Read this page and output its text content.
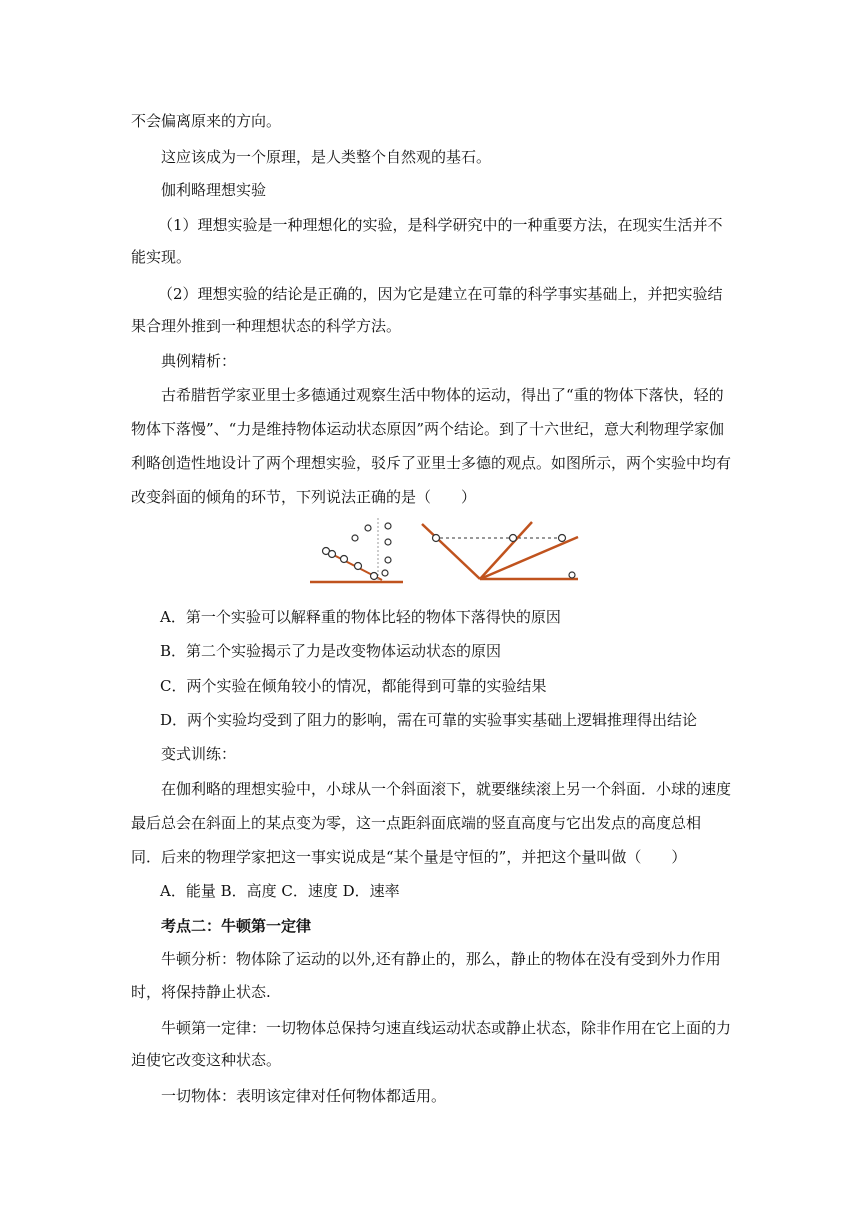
不会偏离原来的方向。

这应该成为一个原理，是人类整个自然观的基石。

伽利略理想实验

（1）理想实验是一种理想化的实验，是科学研究中的一种重要方法，在现实生活并不

能实现。

（2）理想实验的结论是正确的，因为它是建立在可靠的科学事实基础上，并把实验结

果合理外推到一种理想状态的科学方法。

典例精析：

古希腊哲学家亚里士多德通过观察生活中物体的运动，得出了“重的物体下落快，轻的

物体下落慢”、“力是维持物体运动状态原因”两个结论。到了十六世纪，意大利物理学家伽

利略创造性地设计了两个理想实验，驳斥了亚里士多德的观点。如图所示，两个实验中均有

改变斜面的倾角的环节，下列说法正确的是（　　）

A．第一个实验可以解释重的物体比轻的物体下落得快的原因

B．第二个实验揭示了力是改变物体运动状态的原因

C．两个实验在倾角较小的情况，都能得到可靠的实验结果

D．两个实验均受到了阻力的影响，需在可靠的实验事实基础上逻辑推理得出结论

变式训练：

在伽利略的理想实验中，小球从一个斜面滚下，就要继续滚上另一个斜面．小球的速度

最后总会在斜面上的某点变为零，这一点距斜面底端的竖直高度与它出发点的高度总相

同．后来的物理学家把这一事实说成是“某个量是守恒的”，并把这个量叫做（　　）

A．能量 B．高度 C．速度 D．速率

考点二：牛顿第一定律

牛顿分析：物体除了运动的以外,还有静止的，那么，静止的物体在没有受到外力作用

时，将保持静止状态.

牛顿第一定律：一切物体总保持匀速直线运动状态或静止状态，除非作用在它上面的力

迫使它改变这种状态。

一切物体：表明该定律对任何物体都适用。
